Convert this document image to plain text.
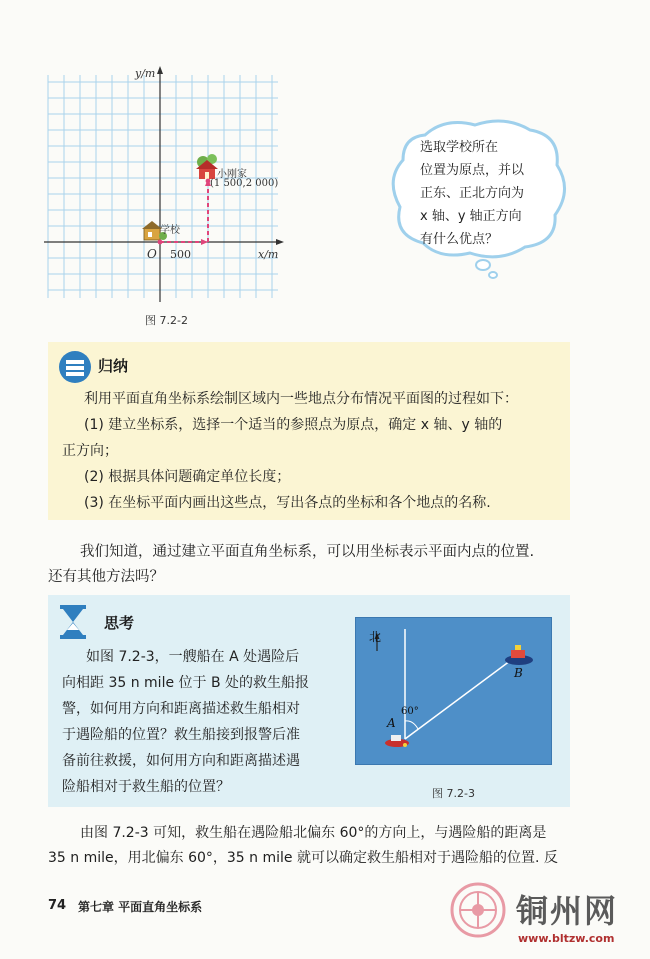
y/m
x/m
O 500
学校
小刚家
(1 500,2 000)
图 7.2-2
选取学校所在
位置为原点，并以
正东、正北方向为
x 轴、y 轴正方向
有什么优点？
归纳
利用平面直角坐标系绘制区域内一些地点分布情况平面图的过程如下：
(1) 建立坐标系，选择一个适当的参照点为原点，确定 x 轴、y 轴的
正方向；
(2) 根据具体问题确定单位长度；
(3) 在坐标平面内画出这些点，写出各点的坐标和各个地点的名称.
我们知道，通过建立平面直角坐标系，可以用坐标表示平面内点的位置.
还有其他方法吗？
思考
如图 7.2-3，一艘船在 A 处遇险后
向相距 35 n mile 位于 B 处的救生船报
警，如何用方向和距离描述救生船相对
于遇险船的位置？救生船接到报警后准
备前往救援，如何用方向和距离描述遇
险船相对于救生船的位置？
北
A
B
60°
图 7.2-3
由图 7.2-3 可知，救生船在遇险船北偏东 60°的方向上，与遇险船的距离是
35 n mile，用北偏东 60°，35 n mile 就可以确定救生船相对于遇险船的位置. 反
74 第七章 平面直角坐标系	铜州网
www.bltzw.com
